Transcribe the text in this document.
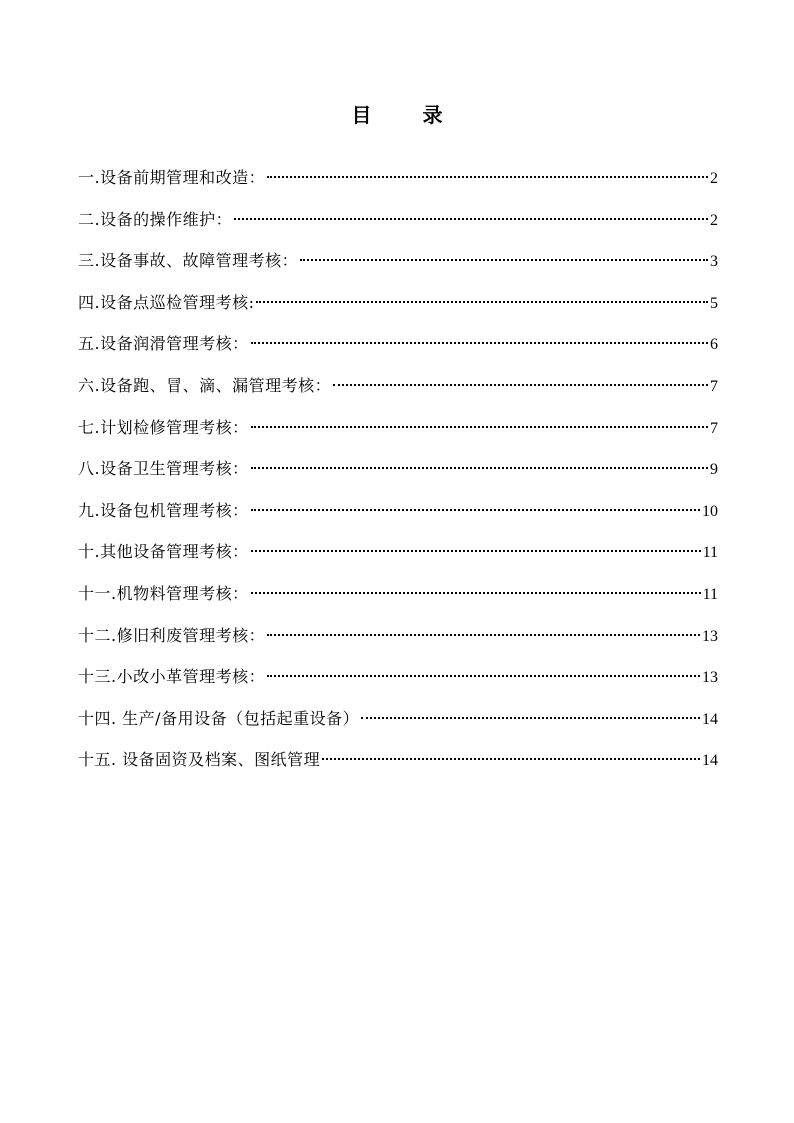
目 录
一.设备前期管理和改造：	2
二.设备的操作维护：	2
三.设备事故、故障管理考核：	3
四.设备点巡检管理考核:	5
五.设备润滑管理考核：	6
六.设备跑、冒、滴、漏管理考核：	7
七.计划检修管理考核：	7
八.设备卫生管理考核：	9
九.设备包机管理考核：	10
十.其他设备管理考核：	11
十一.机物料管理考核：	11
十二.修旧利废管理考核：	13
十三.小改小革管理考核：	13
十四. 生产/备用设备（包括起重设备）	14
十五. 设备固资及档案、图纸管理	14
